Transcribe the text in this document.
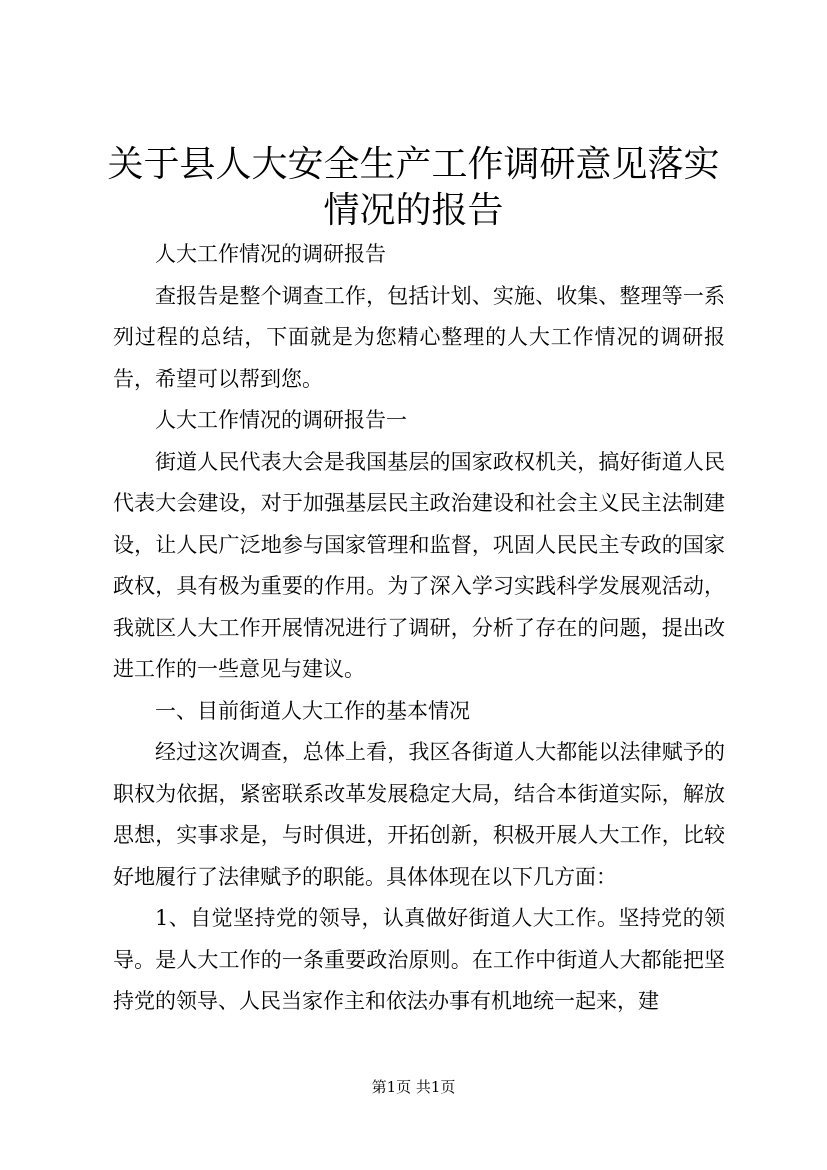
关于县人大安全生产工作调研意见落实情况的报告

人大工作情况的调研报告

查报告是整个调查工作，包括计划、实施、收集、整理等一系列过程的总结，下面就是为您精心整理的人大工作情况的调研报告，希望可以帮到您。

人大工作情况的调研报告一

街道人民代表大会是我国基层的国家政权机关，搞好街道人民代表大会建设，对于加强基层民主政治建设和社会主义民主法制建设，让人民广泛地参与国家管理和监督，巩固人民民主专政的国家政权，具有极为重要的作用。为了深入学习实践科学发展观活动，我就区人大工作开展情况进行了调研，分析了存在的问题，提出改进工作的一些意见与建议。

一、目前街道人大工作的基本情况

经过这次调查，总体上看，我区各街道人大都能以法律赋予的职权为依据，紧密联系改革发展稳定大局，结合本街道实际，解放思想，实事求是，与时俱进，开拓创新，积极开展人大工作，比较好地履行了法律赋予的职能。具体体现在以下几方面：

1、自觉坚持党的领导，认真做好街道人大工作。坚持党的领导。是人大工作的一条重要政治原则。在工作中街道人大都能把坚持党的领导、人民当家作主和依法办事有机地统一起来，建

第1页 共1页
